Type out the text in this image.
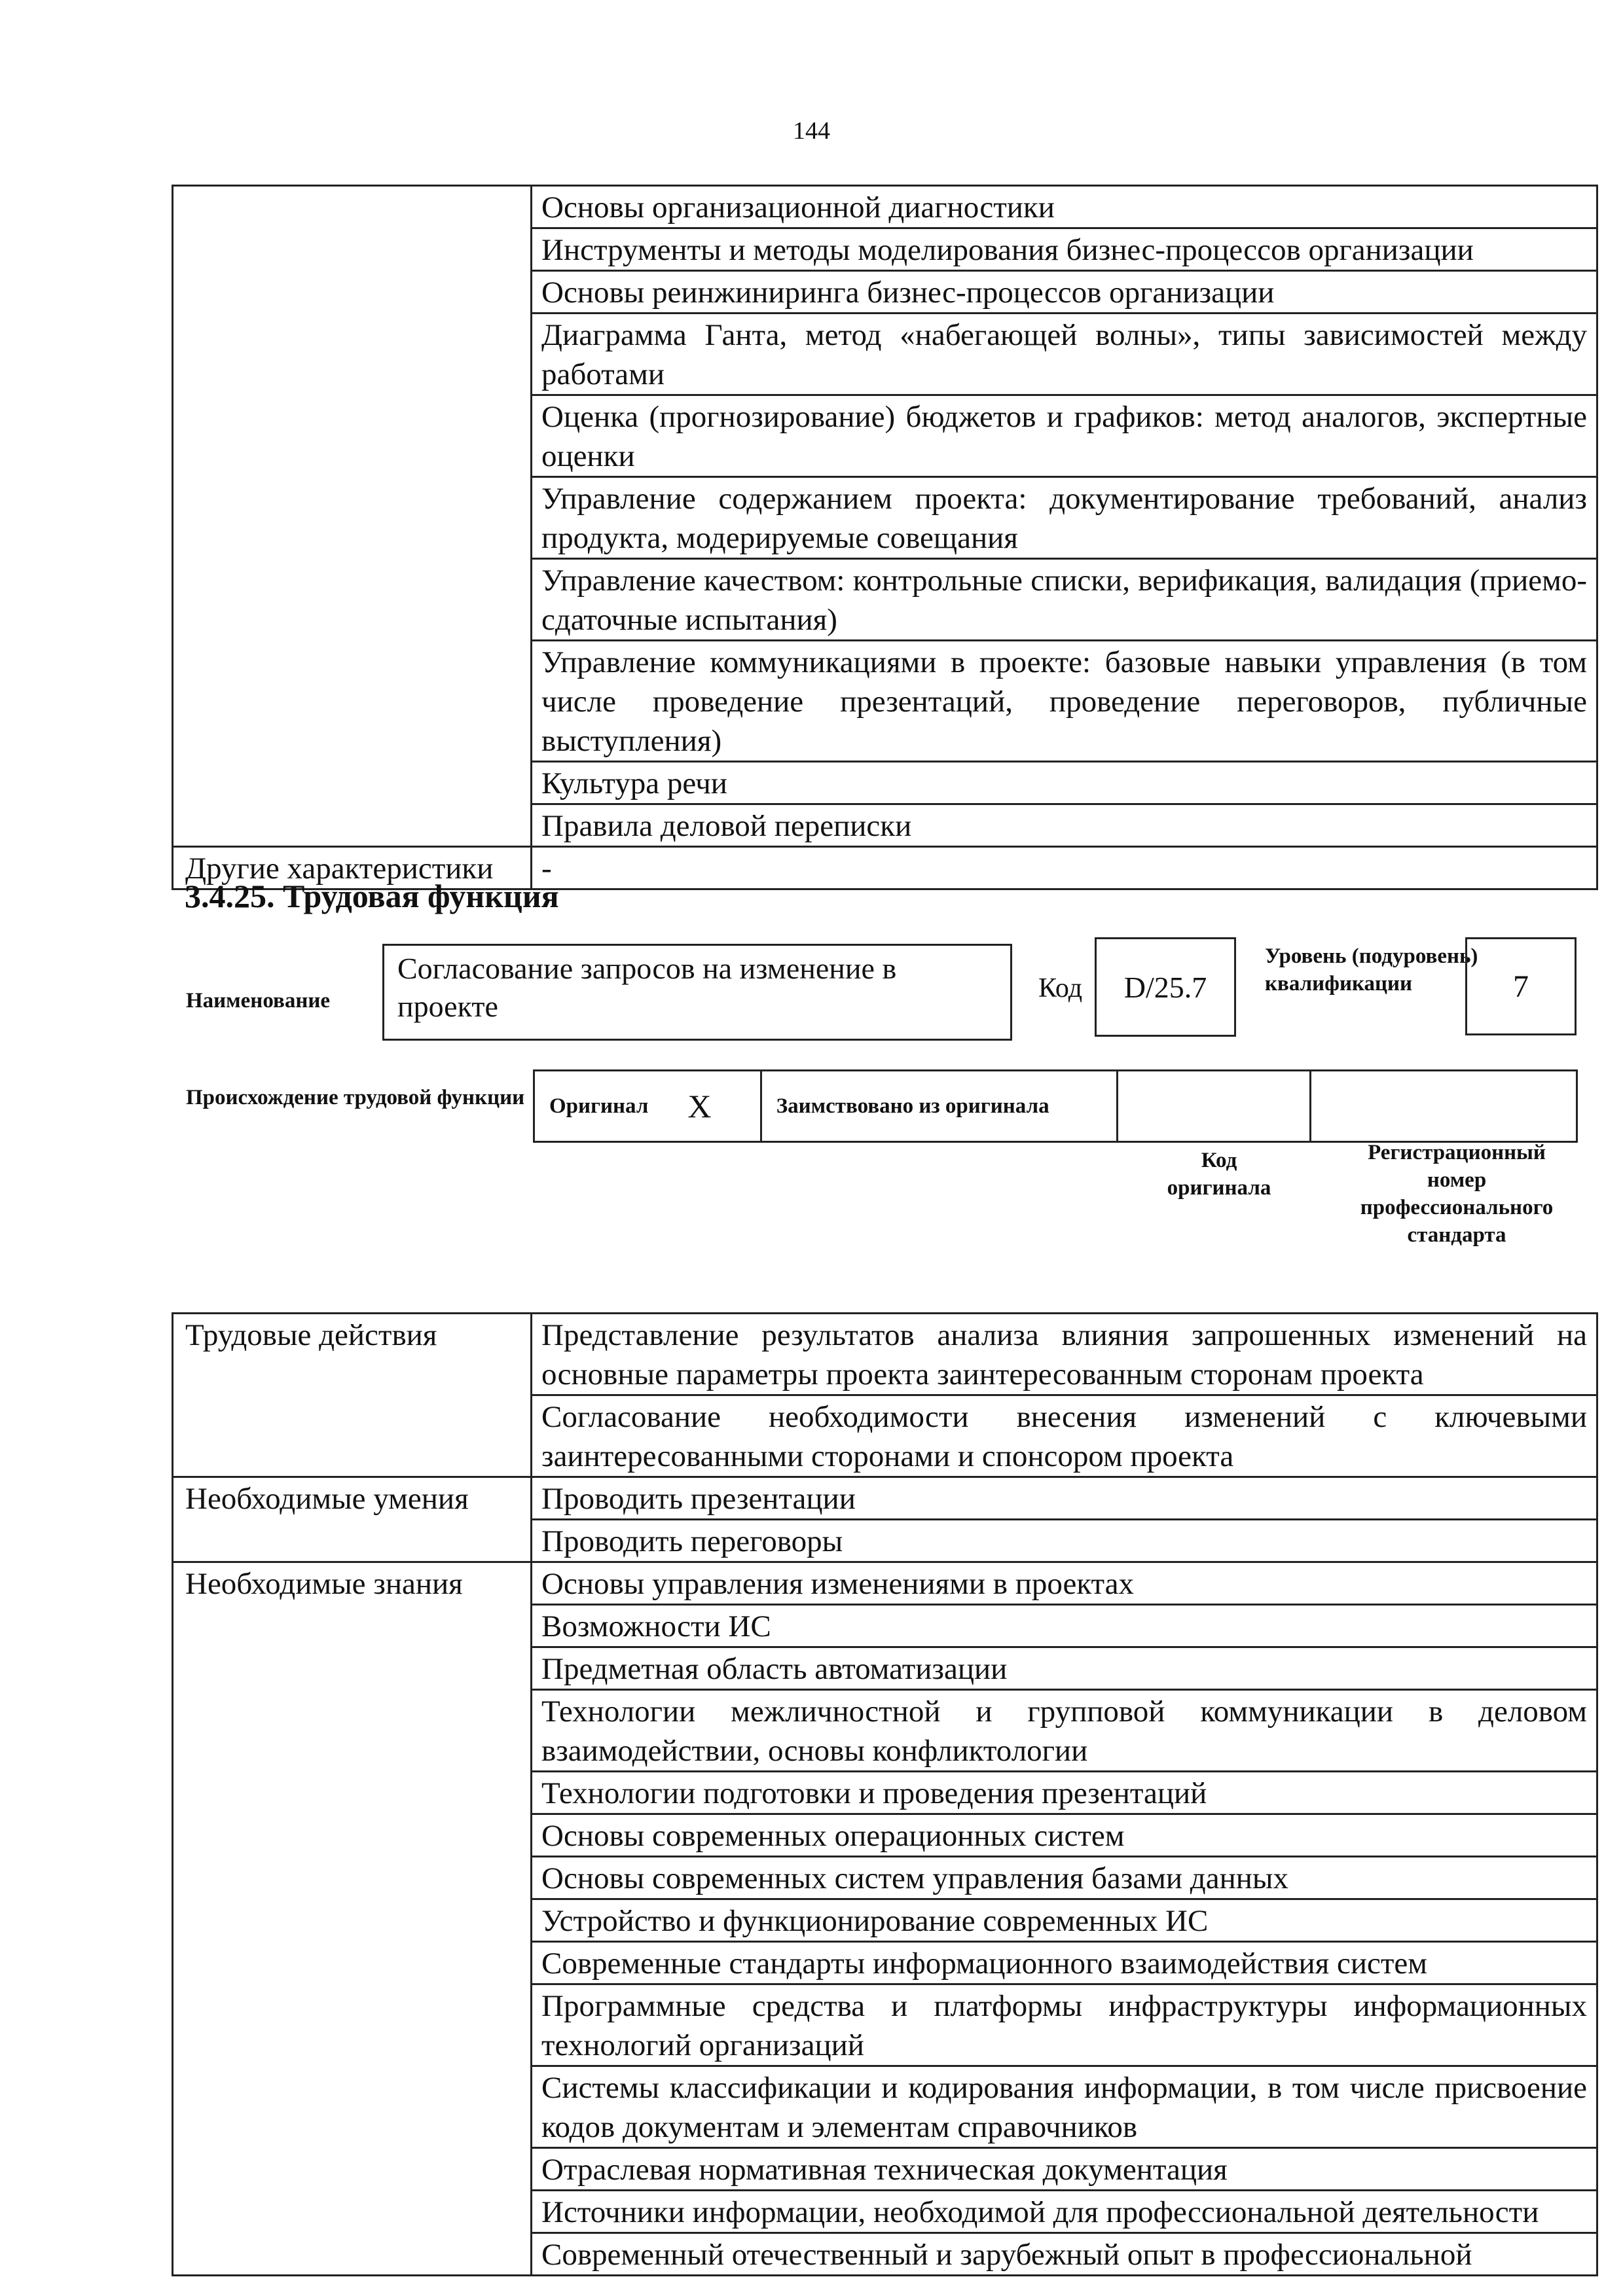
144
	Основы организационной диагностики
	Инструменты и методы моделирования бизнес-процессов организации
	Основы реинжиниринга бизнес-процессов организации
	Диаграмма Ганта, метод «набегающей волны», типы зависимостей между работами
	Оценка (прогнозирование) бюджетов и графиков: метод аналогов, экспертные оценки
	Управление содержанием проекта: документирование требований, анализ продукта, модерируемые совещания
	Управление качеством: контрольные списки, верификация, валидация (приемо-сдаточные испытания)
	Управление коммуникациями в проекте: базовые навыки управления (в том числе проведение презентаций, проведение переговоров, публичные выступления)
	Культура речи
	Правила деловой переписки
Другие характеристики	-
3.4.25. Трудовая функция
Наименование
Согласование запросов на изменение в проекте
Код	D/25.7
Уровень (подуровень) квалификации	7
Происхождение трудовой функции Оригинал X	Заимствовано из оригинала
Код оригинала
Регистрационный номер профессионального стандарта
Трудовые действия	Представление результатов анализа влияния запрошенных изменений на основные параметры проекта заинтересованным сторонам проекта
	Согласование необходимости внесения изменений с ключевыми заинтересованными сторонами и спонсором проекта
Необходимые умения	Проводить презентации
	Проводить переговоры
Необходимые знания	Основы управления изменениями в проектах
	Возможности ИС
	Предметная область автоматизации
	Технологии межличностной и групповой коммуникации в деловом взаимодействии, основы конфликтологии
	Технологии подготовки и проведения презентаций
	Основы современных операционных систем
	Основы современных систем управления базами данных
	Устройство и функционирование современных ИС
	Современные стандарты информационного взаимодействия систем
	Программные средства и платформы инфраструктуры информационных технологий организаций
	Системы классификации и кодирования информации, в том числе присвоение кодов документам и элементам справочников
	Отраслевая нормативная техническая документация
	Источники информации, необходимой для профессиональной деятельности
	Современный отечественный и зарубежный опыт в профессиональной
